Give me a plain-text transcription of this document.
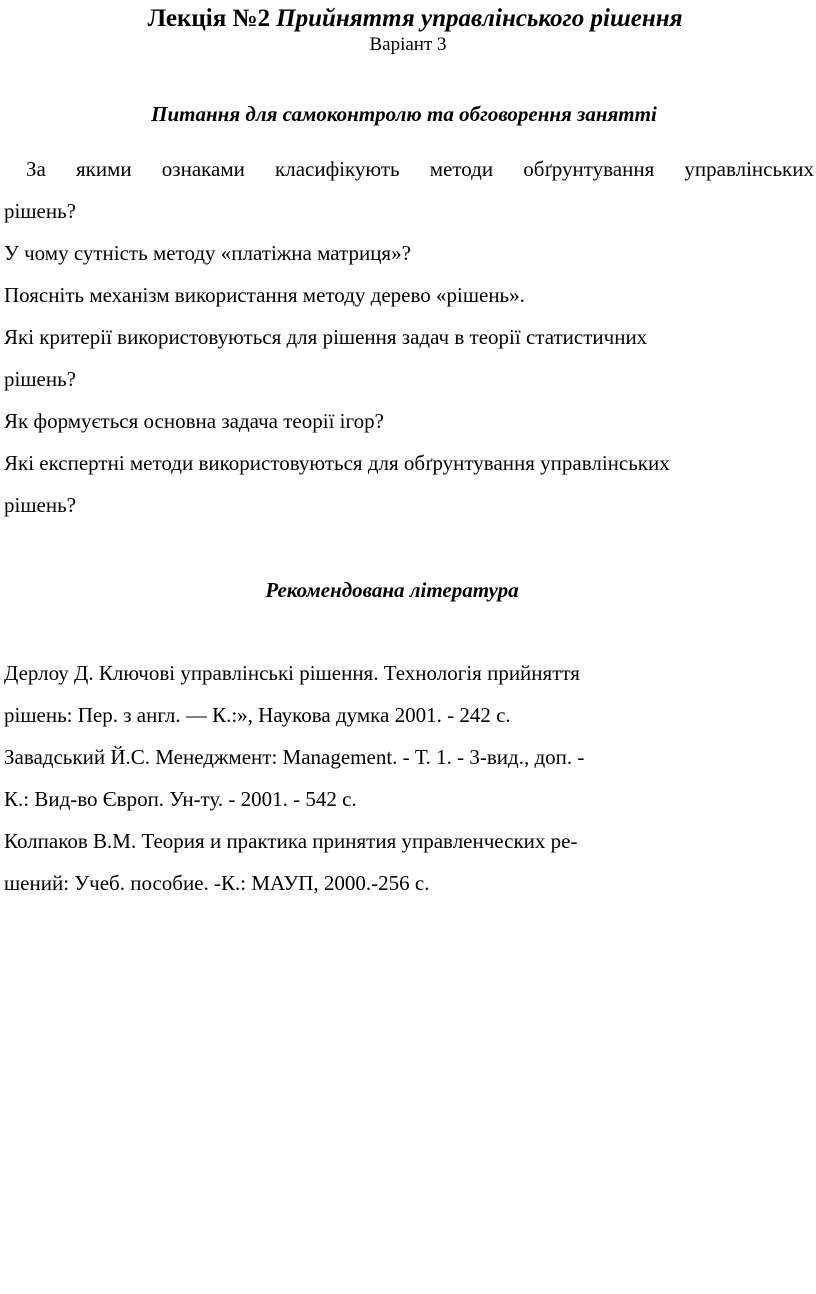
Лекція №2 Прийняття управлінського рішення
Варіант 3
Питання для самоконтролю та обговорення занятті
За якими ознаками класифікують методи обґрунтування управлінських
рішень?
У чому сутність методу «платіжна матриця»?
Поясніть механізм використання методу дерево «рішень».
Які критерії використовуються для рішення задач в теорії статистичних
рішень?
Як формується основна задача теорії ігор?
Які експертні методи використовуються для обґрунтування управлінських
рішень?
Рекомендована література
Дерлоу Д. Ключові управлінські рішення. Технологія прийняття
рішень: Пер. з англ. — К.:», Наукова думка 2001. - 242 с.
Завадський Й.С. Менеджмент: Management. - Т. 1. - 3-вид., доп. -
К.: Вид-во Європ. Ун-ту. - 2001. - 542 с.
Колпаков В.М. Теория и практика принятия управленческих ре-
шений: Учеб. пособие. -К.: МАУП, 2000.-256 с.
